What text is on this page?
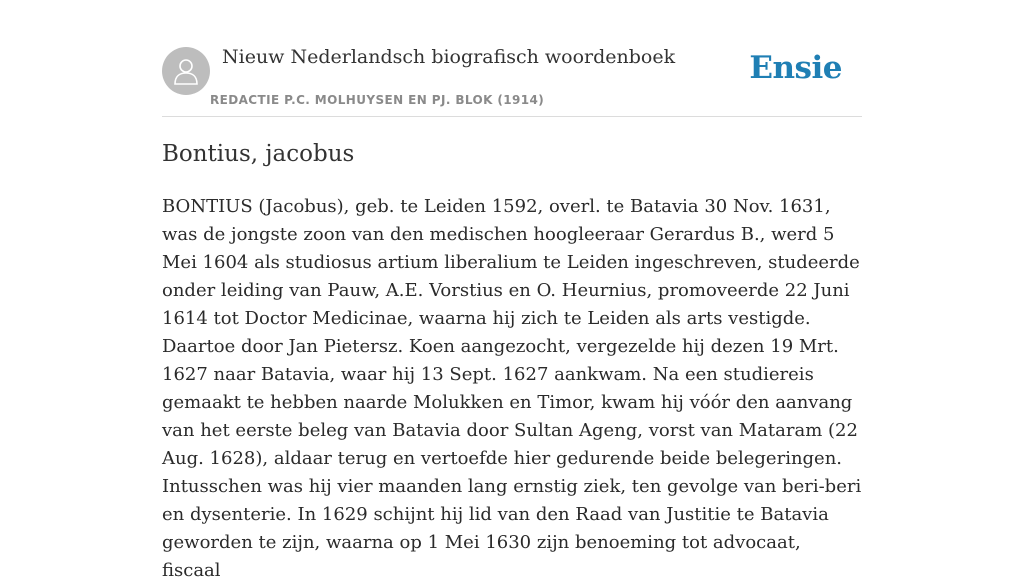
Nieuw Nederlandsch biografisch woordenboek
REDACTIE P.C. MOLHUYSEN EN PJ. BLOK (1914)
Ensie
Bontius, jacobus

BONTIUS (Jacobus), geb. te Leiden 1592, overl. te Batavia 30 Nov. 1631, was de jongste zoon van den medischen hoogleeraar Gerardus B., werd 5 Mei 1604 als studiosus artium liberalium te Leiden ingeschreven, studeerde onder leiding van Pauw, A.E. Vorstius en O. Heurnius, promoveerde 22 Juni 1614 tot Doctor Medicinae, waarna hij zich te Leiden als arts vestigde. Daartoe door Jan Pietersz. Koen aangezocht, vergezelde hij dezen 19 Mrt. 1627 naar Batavia, waar hij 13 Sept. 1627 aankwam. Na een studiereis gemaakt te hebben naarde Molukken en Timor, kwam hij vóór den aanvang van het eerste beleg van Batavia door Sultan Ageng, vorst van Mataram (22 Aug. 1628), aldaar terug en vertoefde hier gedurende beide belegeringen. Intusschen was hij vier maanden lang ernstig ziek, ten gevolge van beri-beri en dysenterie. In 1629 schijnt hij lid van den Raad van Justitie te Batavia geworden te zijn, waarna op 1 Mei 1630 zijn benoeming tot advocaat, fiscaal
